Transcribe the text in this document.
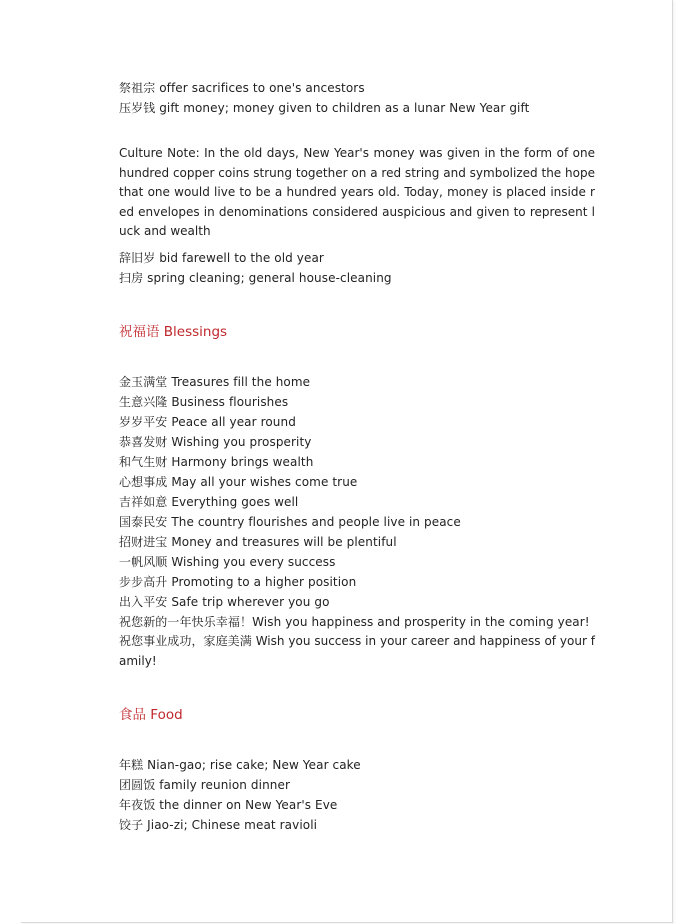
祭祖宗 offer sacrifices to one's ancestors
压岁钱 gift money; money given to children as a lunar New Year gift
Culture Note: In the old days, New Year's money was given in the form of one hundred copper coins strung together on a red string and symbolized the hope that one would live to be a hundred years old. Today, money is placed inside red envelopes in denominations considered auspicious and given to represent luck and wealth
辞旧岁 bid farewell to the old year
扫房 spring cleaning; general house-cleaning
祝福语 Blessings
金玉满堂 Treasures fill the home
生意兴隆 Business flourishes
岁岁平安 Peace all year round
恭喜发财 Wishing you prosperity
和气生财 Harmony brings wealth
心想事成 May all your wishes come true
吉祥如意 Everything goes well
国泰民安 The country flourishes and people live in peace
招财进宝 Money and treasures will be plentiful
一帆风顺 Wishing you every success
步步高升 Promoting to a higher position
出入平安 Safe trip wherever you go
祝您新的一年快乐幸福！Wish you happiness and prosperity in the coming year!
祝您事业成功，家庭美满 Wish you success in your career and happiness of your family!
食品 Food
年糕 Nian-gao; rise cake; New Year cake
团圆饭 family reunion dinner
年夜饭 the dinner on New Year's Eve
饺子 Jiao-zi; Chinese meat ravioli
